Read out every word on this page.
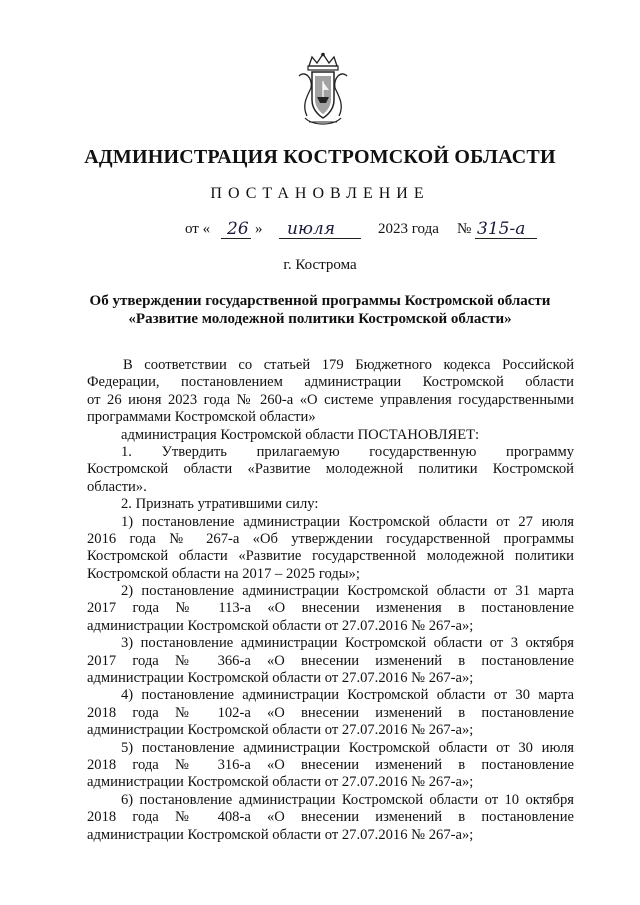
АДМИНИСТРАЦИЯ КОСТРОМСКОЙ ОБЛАСТИ
ПОСТАНОВЛЕНИЕ
от « 26 » июля	2023 года № 315-а
г. Кострома
Об утверждении государственной программы Костромской области
«Развитие молодежной политики Костромской области»
В соответствии со статьей 179 Бюджетного кодекса Российской
Федерации, постановлением администрации Костромской области
от 26 июня 2023 года № 260-а «О системе управления государственными
программами Костромской области»
администрация Костромской области ПОСТАНОВЛЯЕТ:
1. Утвердить прилагаемую государственную программу
Костромской области «Развитие молодежной политики Костромской
области».
2. Признать утратившими силу:
1) постановление администрации Костромской области от 27 июля
2016 года № 267-а «Об утверждении государственной программы
Костромской области «Развитие государственной молодежной политики
Костромской области на 2017 – 2025 годы»;
2) постановление администрации Костромской области от 31 марта
2017 года № 113-а «О внесении изменения в постановление
администрации Костромской области от 27.07.2016 № 267-а»;
3) постановление администрации Костромской области от 3 октября
2017 года № 366-а «О внесении изменений в постановление
администрации Костромской области от 27.07.2016 № 267-а»;
4) постановление администрации Костромской области от 30 марта
2018 года № 102-а «О внесении изменений в постановление
администрации Костромской области от 27.07.2016 № 267-а»;
5) постановление администрации Костромской области от 30 июля
2018 года № 316-а «О внесении изменений в постановление
администрации Костромской области от 27.07.2016 № 267-а»;
6) постановление администрации Костромской области от 10 октября
2018 года № 408-а «О внесении изменений в постановление
администрации Костромской области от 27.07.2016 № 267-а»;
